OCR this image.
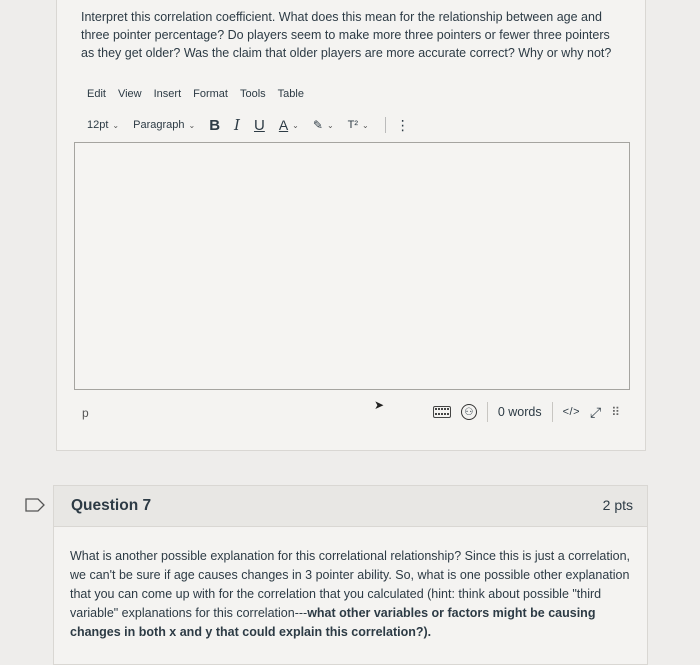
Interpret this correlation coefficient. What does this mean for the relationship between age and three pointer percentage? Do players seem to make more three pointers or fewer three pointers as they get older? Was the claim that older players are more accurate correct? Why or why not?

Edit View Insert Format Tools Table
12pt ⌄ Paragraph ⌄ B I U A ⌄ ✎ ⌄ T² ⌄ ⋮
p
➤	⚇	0 words	</> ⤢ ⠿
Question 7	2 pts

What is another possible explanation for this correlational relationship? Since this is just a correlation, we can't be sure if age causes changes in 3 pointer ability. So, what is one possible other explanation that you can come up with for the correlation that you calculated (hint: think about possible "third variable" explanations for this correlation---what other variables or factors might be causing changes in both x and y that could explain this correlation?).
